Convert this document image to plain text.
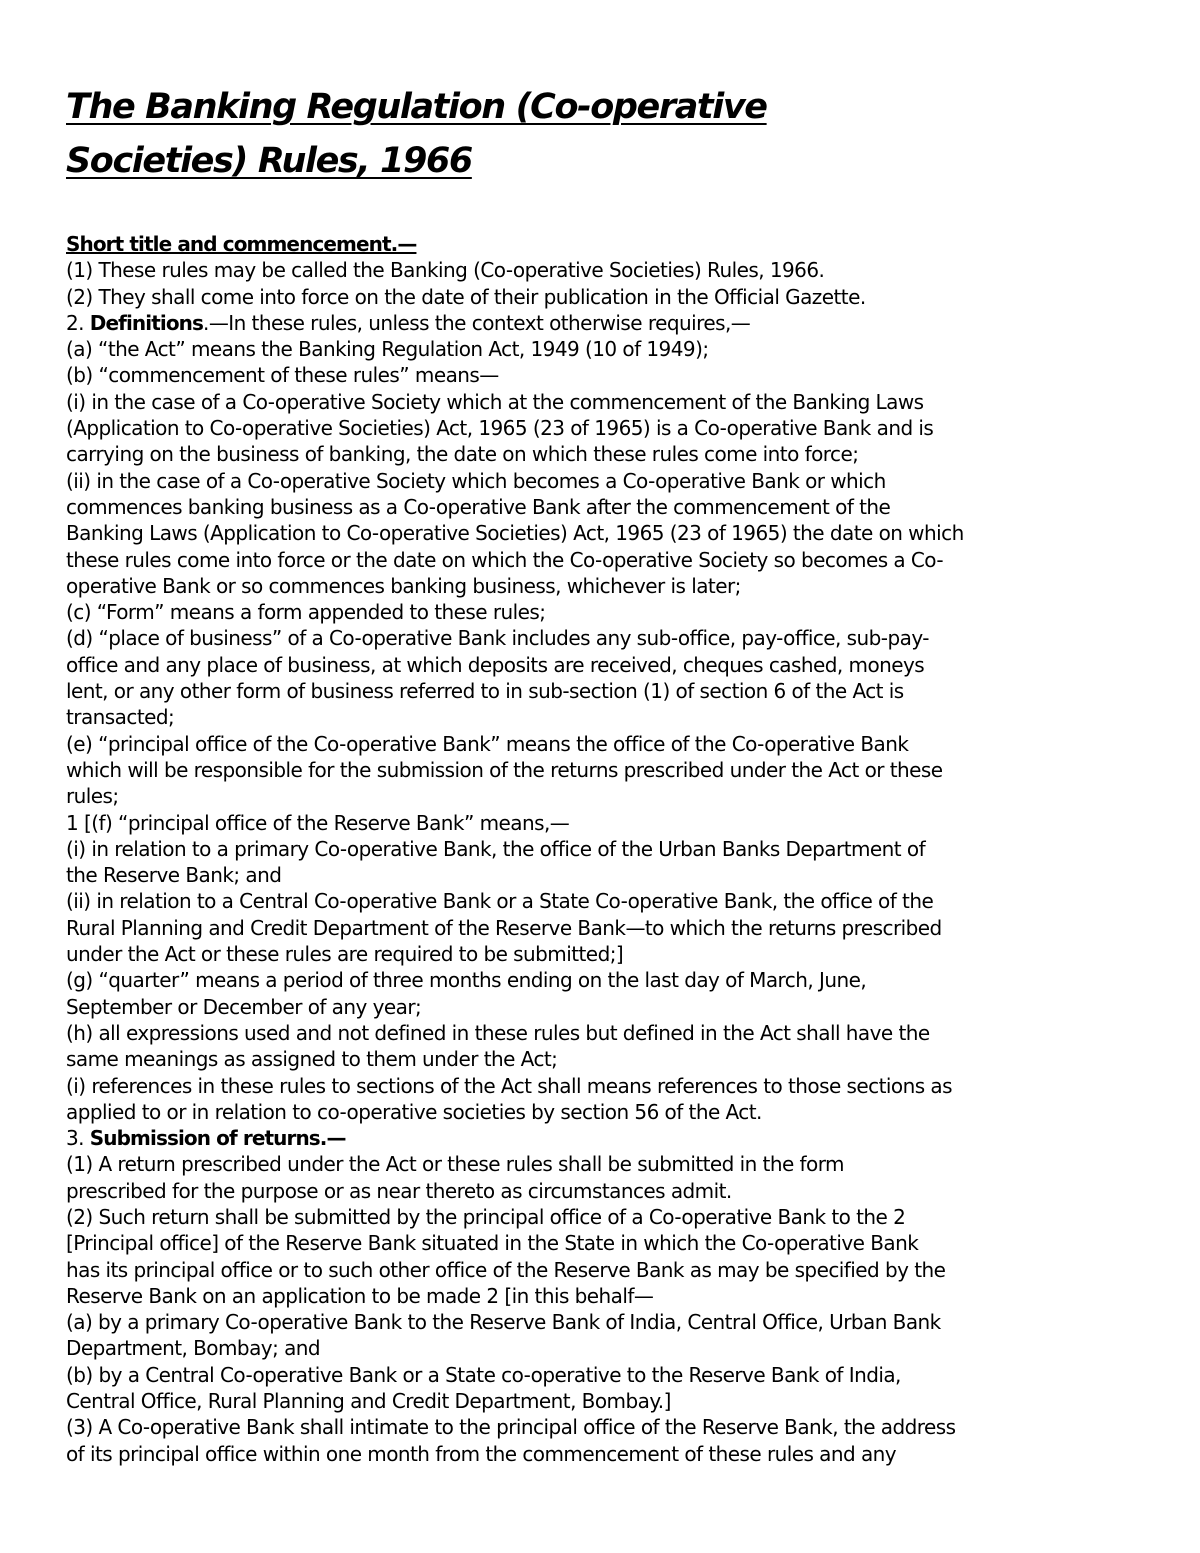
The Banking Regulation (Co-operative
Societies) Rules, 1966
Short title and commencement.—
(1) These rules may be called the Banking (Co-operative Societies) Rules, 1966.
(2) They shall come into force on the date of their publication in the Official Gazette.
2. Definitions.—In these rules, unless the context otherwise requires,—
(a) “the Act” means the Banking Regulation Act, 1949 (10 of 1949);
(b) “commencement of these rules” means—
(i) in the case of a Co-operative Society which at the commencement of the Banking Laws
(Application to Co-operative Societies) Act, 1965 (23 of 1965) is a Co-operative Bank and is
carrying on the business of banking, the date on which these rules come into force;
(ii) in the case of a Co-operative Society which becomes a Co-operative Bank or which
commences banking business as a Co-operative Bank after the commencement of the
Banking Laws (Application to Co-operative Societies) Act, 1965 (23 of 1965) the date on which
these rules come into force or the date on which the Co-operative Society so becomes a Co-
operative Bank or so commences banking business, whichever is later;
(c) “Form” means a form appended to these rules;
(d) “place of business” of a Co-operative Bank includes any sub-office, pay-office, sub-pay-
office and any place of business, at which deposits are received, cheques cashed, moneys
lent, or any other form of business referred to in sub-section (1) of section 6 of the Act is
transacted;
(e) “principal office of the Co-operative Bank” means the office of the Co-operative Bank
which will be responsible for the submission of the returns prescribed under the Act or these
rules;
1 [(f) “principal office of the Reserve Bank” means,—
(i) in relation to a primary Co-operative Bank, the office of the Urban Banks Department of
the Reserve Bank; and
(ii) in relation to a Central Co-operative Bank or a State Co-operative Bank, the office of the
Rural Planning and Credit Department of the Reserve Bank—to which the returns prescribed
under the Act or these rules are required to be submitted;]
(g) “quarter” means a period of three months ending on the last day of March, June,
September or December of any year;
(h) all expressions used and not defined in these rules but defined in the Act shall have the
same meanings as assigned to them under the Act;
(i) references in these rules to sections of the Act shall means references to those sections as
applied to or in relation to co-operative societies by section 56 of the Act.
3. Submission of returns.—
(1) A return prescribed under the Act or these rules shall be submitted in the form
prescribed for the purpose or as near thereto as circumstances admit.
(2) Such return shall be submitted by the principal office of a Co-operative Bank to the 2
[Principal office] of the Reserve Bank situated in the State in which the Co-operative Bank
has its principal office or to such other office of the Reserve Bank as may be specified by the
Reserve Bank on an application to be made 2 [in this behalf—
(a) by a primary Co-operative Bank to the Reserve Bank of India, Central Office, Urban Bank
Department, Bombay; and
(b) by a Central Co-operative Bank or a State co-operative to the Reserve Bank of India,
Central Office, Rural Planning and Credit Department, Bombay.]
(3) A Co-operative Bank shall intimate to the principal office of the Reserve Bank, the address
of its principal office within one month from the commencement of these rules and any
